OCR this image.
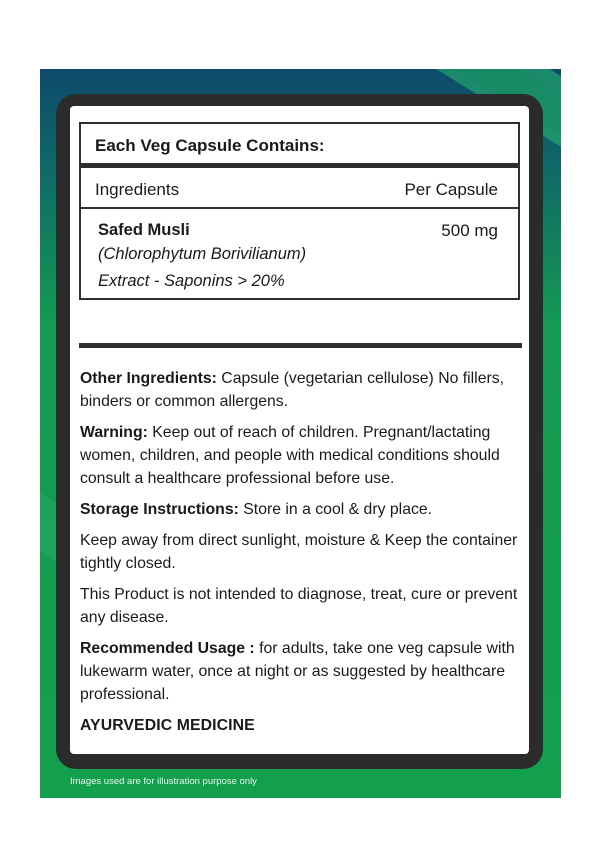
Each Veg Capsule Contains:
Ingredients	Per Capsule
Safed Musli	500 mg
(Chlorophytum Borivilianum)
Extract - Saponins > 20%

Other Ingredients: Capsule (vegetarian cellulose) No fillers, binders or common allergens.

Warning: Keep out of reach of children. Pregnant/lactating women, children, and people with medical conditions should consult a healthcare professional before use.

Storage Instructions: Store in a cool & dry place.

Keep away from direct sunlight, moisture & Keep the container tightly closed.

This Product is not intended to diagnose, treat, cure or prevent any disease.

Recommended Usage : for adults, take one veg capsule with lukewarm water, once at night or as suggested by healthcare professional.

AYURVEDIC MEDICINE

Images used are for illustration purpose only
